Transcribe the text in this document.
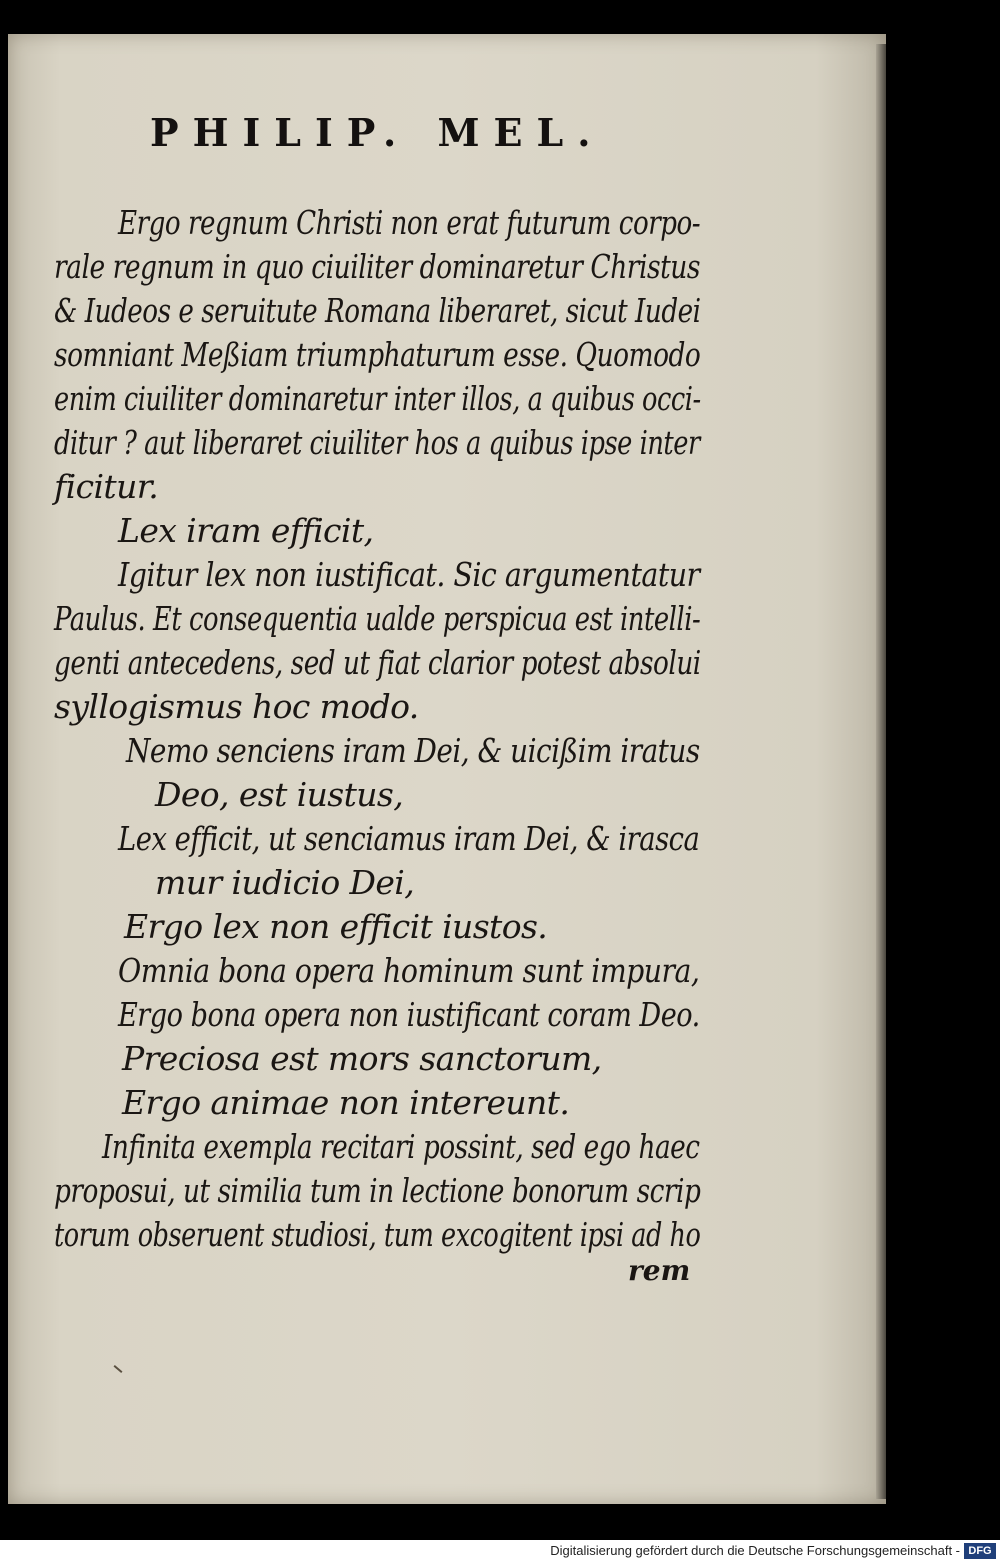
PHILIP. MEL.
Ergo regnum Christi non erat futurum corpo-
rale regnum in quo ciuiliter dominaretur Christus
& Iudeos e seruitute Romana liberaret, sicut Iudei
somniant Meßiam triumphaturum esse. Quomodo
enim ciuiliter dominaretur inter illos, a quibus occi-
ditur ? aut liberaret ciuiliter hos a quibus ipse inter
ficitur.
Lex iram efficit,
Igitur lex non iustificat. Sic argumentatur
Paulus. Et consequentia ualde perspicua est intelli-
genti antecedens, sed ut fiat clarior potest absolui
syllogismus hoc modo.
Nemo senciens iram Dei, & uicißim iratus
Deo, est iustus,
Lex efficit, ut senciamus iram Dei, & irasca
mur iudicio Dei,
Ergo lex non efficit iustos.
Omnia bona opera hominum sunt impura,
Ergo bona opera non iustificant coram Deo.
Preciosa est mors sanctorum,
Ergo animae non intereunt.
Infinita exempla recitari possint, sed ego haec
proposui, ut similia tum in lectione bonorum scrip
torum obseruent studiosi, tum excogitent ipsi ad ho
rem
Digitalisierung gefördert durch die Deutsche Forschungsgemeinschaft - DFG
